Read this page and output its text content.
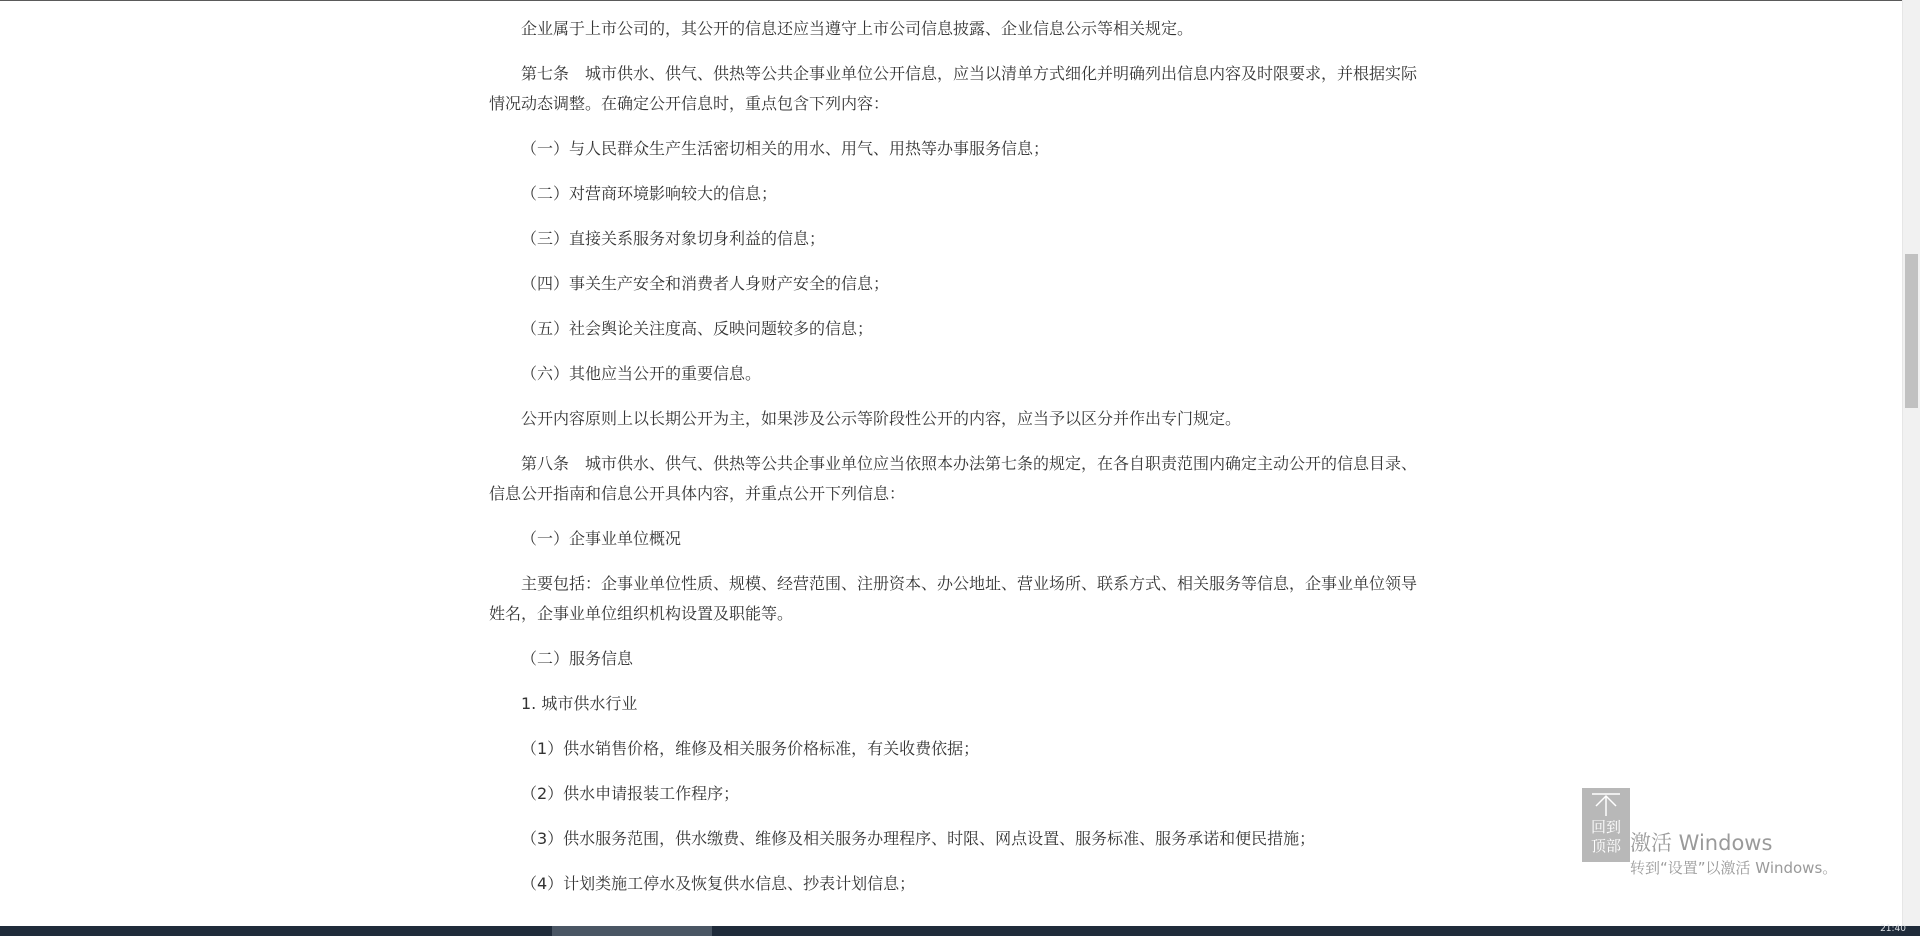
企业属于上市公司的，其公开的信息还应当遵守上市公司信息披露、企业信息公示等相关规定。

第七条　城市供水、供气、供热等公共企事业单位公开信息，应当以清单方式细化并明确列出信息内容及时限要求，并根据实际情况动态调整。在确定公开信息时，重点包含下列内容：

（一）与人民群众生产生活密切相关的用水、用气、用热等办事服务信息；

（二）对营商环境影响较大的信息；

（三）直接关系服务对象切身利益的信息；

（四）事关生产安全和消费者人身财产安全的信息；

（五）社会舆论关注度高、反映问题较多的信息；

（六）其他应当公开的重要信息。

公开内容原则上以长期公开为主，如果涉及公示等阶段性公开的内容，应当予以区分并作出专门规定。

第八条　城市供水、供气、供热等公共企事业单位应当依照本办法第七条的规定，在各自职责范围内确定主动公开的信息目录、信息公开指南和信息公开具体内容，并重点公开下列信息：

（一）企事业单位概况

主要包括：企事业单位性质、规模、经营范围、注册资本、办公地址、营业场所、联系方式、相关服务等信息，企事业单位领导姓名，企事业单位组织机构设置及职能等。

（二）服务信息

1. 城市供水行业

（1）供水销售价格，维修及相关服务价格标准，有关收费依据；

（2）供水申请报装工作程序；

（3）供水服务范围，供水缴费、维修及相关服务办理程序、时限、网点设置、服务标准、服务承诺和便民措施；

（4）计划类施工停水及恢复供水信息、抄表计划信息；

回到顶部 激活 Windows
转到“设置”以激活 Windows。
21:40
